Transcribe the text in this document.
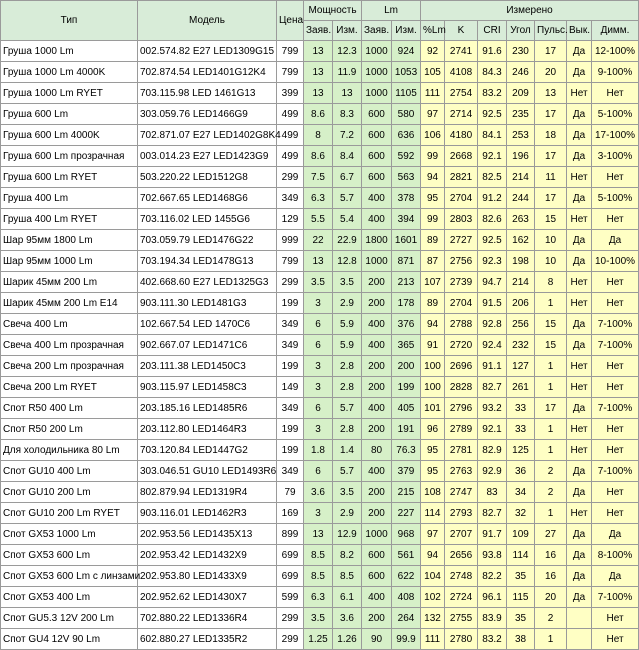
Тип	Модель	Цена	Мощность		Lm		Измерено						
			Заяв.	Изм.	Заяв.	Изм.	%Lm	K	CRI	Угол	Пульс.	Вык.	Димм.
Груша 1000 Lm	002.574.82 E27 LED1309G15	799	13	12.3	1000	924	92	2741	91.6	230	17	Да	12-100%
Груша 1000 Lm 4000K	702.874.54 LED1401G12K4	799	13	11.9	1000	1053	105	4108	84.3	246	20	Да	9-100%
Груша 1000 Lm RYET	703.115.98 LED 1461G13	399	13	13	1000	1105	111	2754	83.2	209	13	Нет	Нет
Груша 600 Lm	303.059.76 LED1466G9	499	8.6	8.3	600	580	97	2714	92.5	235	17	Да	5-100%
Груша 600 Lm 4000K	702.871.07 E27 LED1402G8K4	499	8	7.2	600	636	106	4180	84.1	253	18	Да	17-100%
Груша 600 Lm прозрачная	003.014.23 E27 LED1423G9	499	8.6	8.4	600	592	99	2668	92.1	196	17	Да	3-100%
Груша 600 Lm RYET	503.220.22 LED1512G8	299	7.5	6.7	600	563	94	2821	82.5	214	11	Нет	Нет
Груша 400 Lm	702.667.65 LED1468G6	349	6.3	5.7	400	378	95	2704	91.2	244	17	Да	5-100%
Груша 400 Lm RYET	703.116.02 LED 1455G6	129	5.5	5.4	400	394	99	2803	82.6	263	15	Нет	Нет
Шар 95мм 1800 Lm	703.059.79 LED1476G22	999	22	22.9	1800	1601	89	2727	92.5	162	10	Да	Да
Шар 95мм 1000 Lm	703.194.34 LED1478G13	799	13	12.8	1000	871	87	2756	92.3	198	10	Да	10-100%
Шарик 45мм 200 Lm	402.668.60 E27 LED1325G3	299	3.5	3.5	200	213	107	2739	94.7	214	8	Нет	Нет
Шарик 45мм 200 Lm E14	903.111.30 LED1481G3	199	3	2.9	200	178	89	2704	91.5	206	1	Нет	Нет
Свеча 400 Lm	102.667.54 LED 1470C6	349	6	5.9	400	376	94	2788	92.8	256	15	Да	7-100%
Свеча 400 Lm прозрачная	902.667.07 LED1471C6	349	6	5.9	400	365	91	2720	92.4	232	15	Да	7-100%
Свеча 200 Lm прозрачная	203.111.38 LED1450C3	199	3	2.8	200	200	100	2696	91.1	127	1	Нет	Нет
Свеча 200 Lm RYET	903.115.97 LED1458C3	149	3	2.8	200	199	100	2828	82.7	261	1	Нет	Нет
Спот R50 400 Lm	203.185.16 LED1485R6	349	6	5.7	400	405	101	2796	93.2	33	17	Да	7-100%
Спот R50 200 Lm	203.112.80 LED1464R3	199	3	2.8	200	191	96	2789	92.1	33	1	Нет	Нет
Для холодильника 80 Lm	703.120.84 LED1447G2	199	1.8	1.4	80	76.3	95	2781	82.9	125	1	Нет	Нет
Спот GU10 400 Lm	303.046.51 GU10 LED1493R6	349	6	5.7	400	379	95	2763	92.9	36	2	Да	7-100%
Спот GU10 200 Lm	802.879.94 LED1319R4	79	3.6	3.5	200	215	108	2747	83	34	2	Да	Нет
Спот GU10 200 Lm RYET	903.116.01 LED1462R3	169	3	2.9	200	227	114	2793	82.7	32	1	Нет	Нет
Спот GX53 1000 Lm	202.953.56 LED1435X13	899	13	12.9	1000	968	97	2707	91.7	109	27	Да	Да
Спот GX53 600 Lm	202.953.42 LED1432X9	699	8.5	8.2	600	561	94	2656	93.8	114	16	Да	8-100%
Спот GX53 600 Lm с линзами	202.953.80 LED1433X9	699	8.5	8.5	600	622	104	2748	82.2	35	16	Да	Да
Спот GX53 400 Lm	202.952.62 LED1430X7	599	6.3	6.1	400	408	102	2724	96.1	115	20	Да	7-100%
Спот GU5.3 12V 200 Lm	702.880.22 LED1336R4	299	3.5	3.6	200	264	132	2755	83.9	35	2		Нет
Спот GU4 12V 90 Lm	602.880.27 LED1335R2	299	1.25	1.26	90	99.9	111	2780	83.2	38	1		Нет
